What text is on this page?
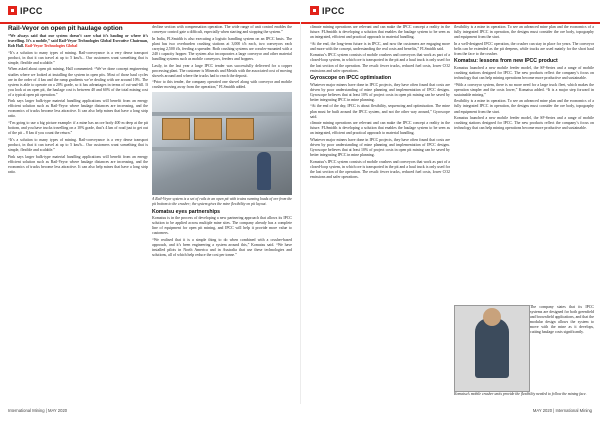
IPCC	IPCC
Rail-Veyor on open pit haulage option

“We always said that our system doesn’t care what it’s hauling or where it’s travelling. It’s a mobile,” said Rail-Veyor Technologies Global Executive Chairman, Rob Hall. Rail-Veyor Technologies Global

“It’s a solution to many types of mining. Rail-conveyance is a very dense transport product, in that it can travel at up to 5 km/h... Our customers want something that is simple, flexible and scalable.”

When asked about open pit mining, Hall commented: “We’ve done concept engineering studies where we looked at installing the system in open pits. Most of those haul cycles are in the order of 4 km and the ramp gradients we’re dealing with are around 10%. The system is able to operate on a 20% grade, so it has advantages in terms of cut-and-fill. If you look at an open pit, the haulage cost is between 40 and 60% of the total mining cost of a typical open pit operation.”

Fink says larger bulk-type material handling applications will benefit from an energy efficient solution such as Rail-Veyor where haulage distances are increasing, and the economics of trucks become less attractive. It can also help mines that have a long strip ratio.

“I’m going to use a big picture example: if a mine has an ore body 400 m deep at the pit bottom, and you have trucks travelling on a 10% grade, that’s 4 km of road just to get out of the pit – 8 km if you count the return.”

“It’s a solution to many types of mining. Rail-conveyance is a very dense transport product, in that it can travel at up to 5 km/h... Our customers want something that is simple, flexible and scalable.”

Fink says larger bulk-type material handling applications will benefit from an energy efficient solution such as Rail-Veyor where haulage distances are increasing, and the economics of trucks become less attractive. It can also help mines that have a long strip ratio.

decline section with compensation operation. The wide range of unit control enables the conveyor control gate a difficult, especially when starting and stopping the system.”

In India, FLSmidth is also executing a logistic handling system on an IPCC basis. The plant has two overburden crushing stations at 3,000 t/h each, two conveyors each carrying 2,500 t/h, feeding a spreader. Both crushing systems are crawler-mounted with a 240 t capacity hopper. The system also incorporates a large conveyor and other material handling systems such as mobile conveyors, feeders and hoppers.

Lastly, in the last year a large IPCC tender was successfully delivered for a copper processing plant. The customer is Minerals and Metals with the associated cost of moving shovels around and where the trucks had to reach the deposit.

“Prior to this tender, the company operated one shovel along with conveyor and mobile crusher moving away from the operation,” FLSmidth added.

A Rail-Veyor system is a set of rails in an open pit with trains running loads of ore from the pit bottom to the crusher; the system gives the mine flexibility on pit layout.

Komatsu eyes partnerships

Komatsu is in the process of developing a new partnering approach that allows its IPCC solution to be applied across multiple mine sites. The company already has a complete line of equipment for open pit mining, and IPCC will help it provide more value to customers.

“We realised that it is a simple thing to do when combined with a crusher-based approach, and it’s been engineering a system around this,” Komatsu said. “We have installed pilots in North America and in Australia that use these technologies and solutions, all of which help reduce the cost per tonne.”

climate mining operations are relevant and can make the IPCC concept a reality in the future. FLSmidth is developing a solution that enables the haulage system to be seen as an integrated, efficient and practical approach to material handling.

“At the end, the long-term future is in IPCC, and now the customers are engaging more and more with the concept, understanding the real costs and benefits,” FLSmidth said.

Komatsu’s IPCC system consists of mobile crushers and conveyors that work as part of a closed-loop system, in which ore is transported in the pit and a haul truck is only used for the last section of the operation. The result: fewer trucks, reduced fuel costs, lower CO2 emissions and safer operations.

Gyroscope on IPCC optimisation

Whatever major miners have done in IPCC projects, they have often found that costs are driven by poor understanding of mine planning and implementation of IPCC designs. Gyroscope believes that at least 10% of project costs in open pit mining can be saved by better integrating IPCC in mine planning.

“At the end of the day, IPCC is about flexibility, sequencing and optimisation. The mine plan must be built around the IPCC system, and not the other way around,” Gyroscope said.

climate mining operations are relevant and can make the IPCC concept a reality in the future. FLSmidth is developing a solution that enables the haulage system to be seen as an integrated, efficient and practical approach to material handling.

Whatever major miners have done in IPCC projects, they have often found that costs are driven by poor understanding of mine planning and implementation of IPCC designs. Gyroscope believes that at least 10% of project costs in open pit mining can be saved by better integrating IPCC in mine planning.

Komatsu’s IPCC system consists of mobile crushers and conveyors that work as part of a closed-loop system, in which ore is transported in the pit and a haul truck is only used for the last section of the operation. The result: fewer trucks, reduced fuel costs, lower CO2 emissions and safer operations.

flexibility is a mine in operation. To see an advanced mine plan and the economics of a fully integrated IPCC in operation, the designs must consider the ore body, topography and equipment from the start.

In a well-designed IPCC operation, the crusher can stay in place for years. The conveyor belts can be extended as the pit deepens, while trucks are used mainly for the short haul from the face to the crusher.

Komatsu: lessons from new IPCC product

Komatsu launched a new mobile feeder model, the SF-Series and a range of mobile crushing stations designed for IPCC. The new products reflect the company’s focus on technology that can help mining operations become more productive and sustainable.

“With a conveyor system, there is no more need for a large truck fleet, which makes the operation simpler and the costs lower,” Komatsu added. “It is a major step forward in sustainable mining.”

flexibility is a mine in operation. To see an advanced mine plan and the economics of a fully integrated IPCC in operation, the designs must consider the ore body, topography and equipment from the start.

Komatsu launched a new mobile feeder model, the SF-Series and a range of mobile crushing stations designed for IPCC. The new products reflect the company’s focus on technology that can help mining operations become more productive and sustainable.

The company states that its IPCC systems are designed for both greenfield and brownfield applications, and that the modular design allows the system to move with the mine as it develops, cutting haulage costs significantly.

Komatsu’s mobile crusher units provide the flexibility needed to follow the mining face.
International Mining | MAY 2020	MAY 2020 | International Mining
